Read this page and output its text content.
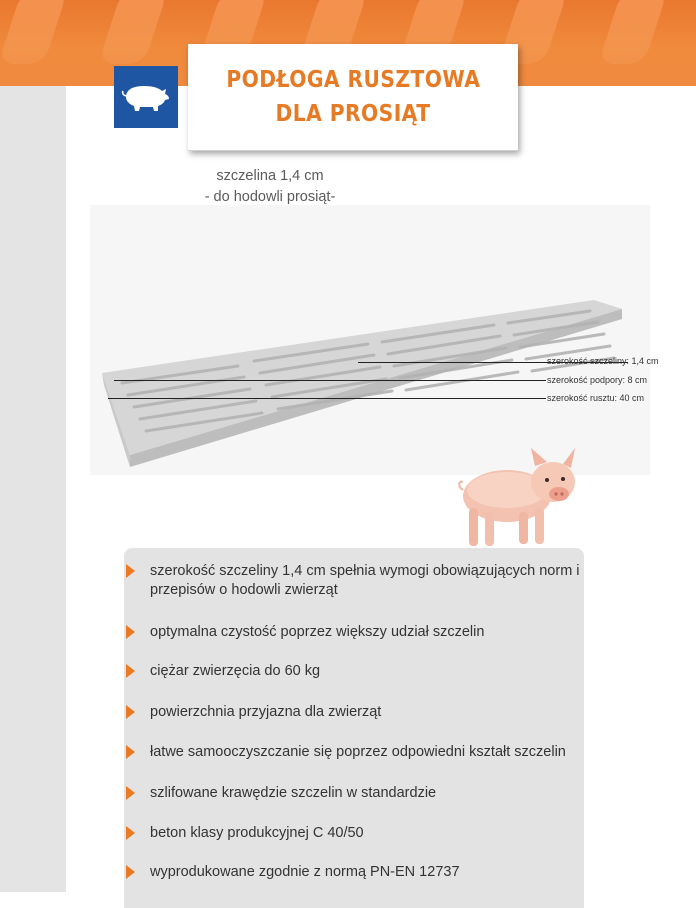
PODŁOGA RUSZTOWA
DLA PROSIĄT
szczelina 1,4 cm
- do hodowli prosiąt-
szerokość szczeliny: 1,4 cm
szerokość podpory: 8 cm
szerokość rusztu: 40 cm
szerokość szczeliny 1,4 cm spełnia wymogi obowiązujących norm i przepisów o hodowli zwierząt
optymalna czystość poprzez większy udział szczelin
ciężar zwierzęcia do 60 kg
powierzchnia przyjazna dla zwierząt
łatwe samooczyszczanie się poprzez odpowiedni kształt szczelin
szlifowane krawędzie szczelin w standardzie
beton klasy produkcyjnej C 40/50
wyprodukowane zgodnie z normą PN-EN 12737
